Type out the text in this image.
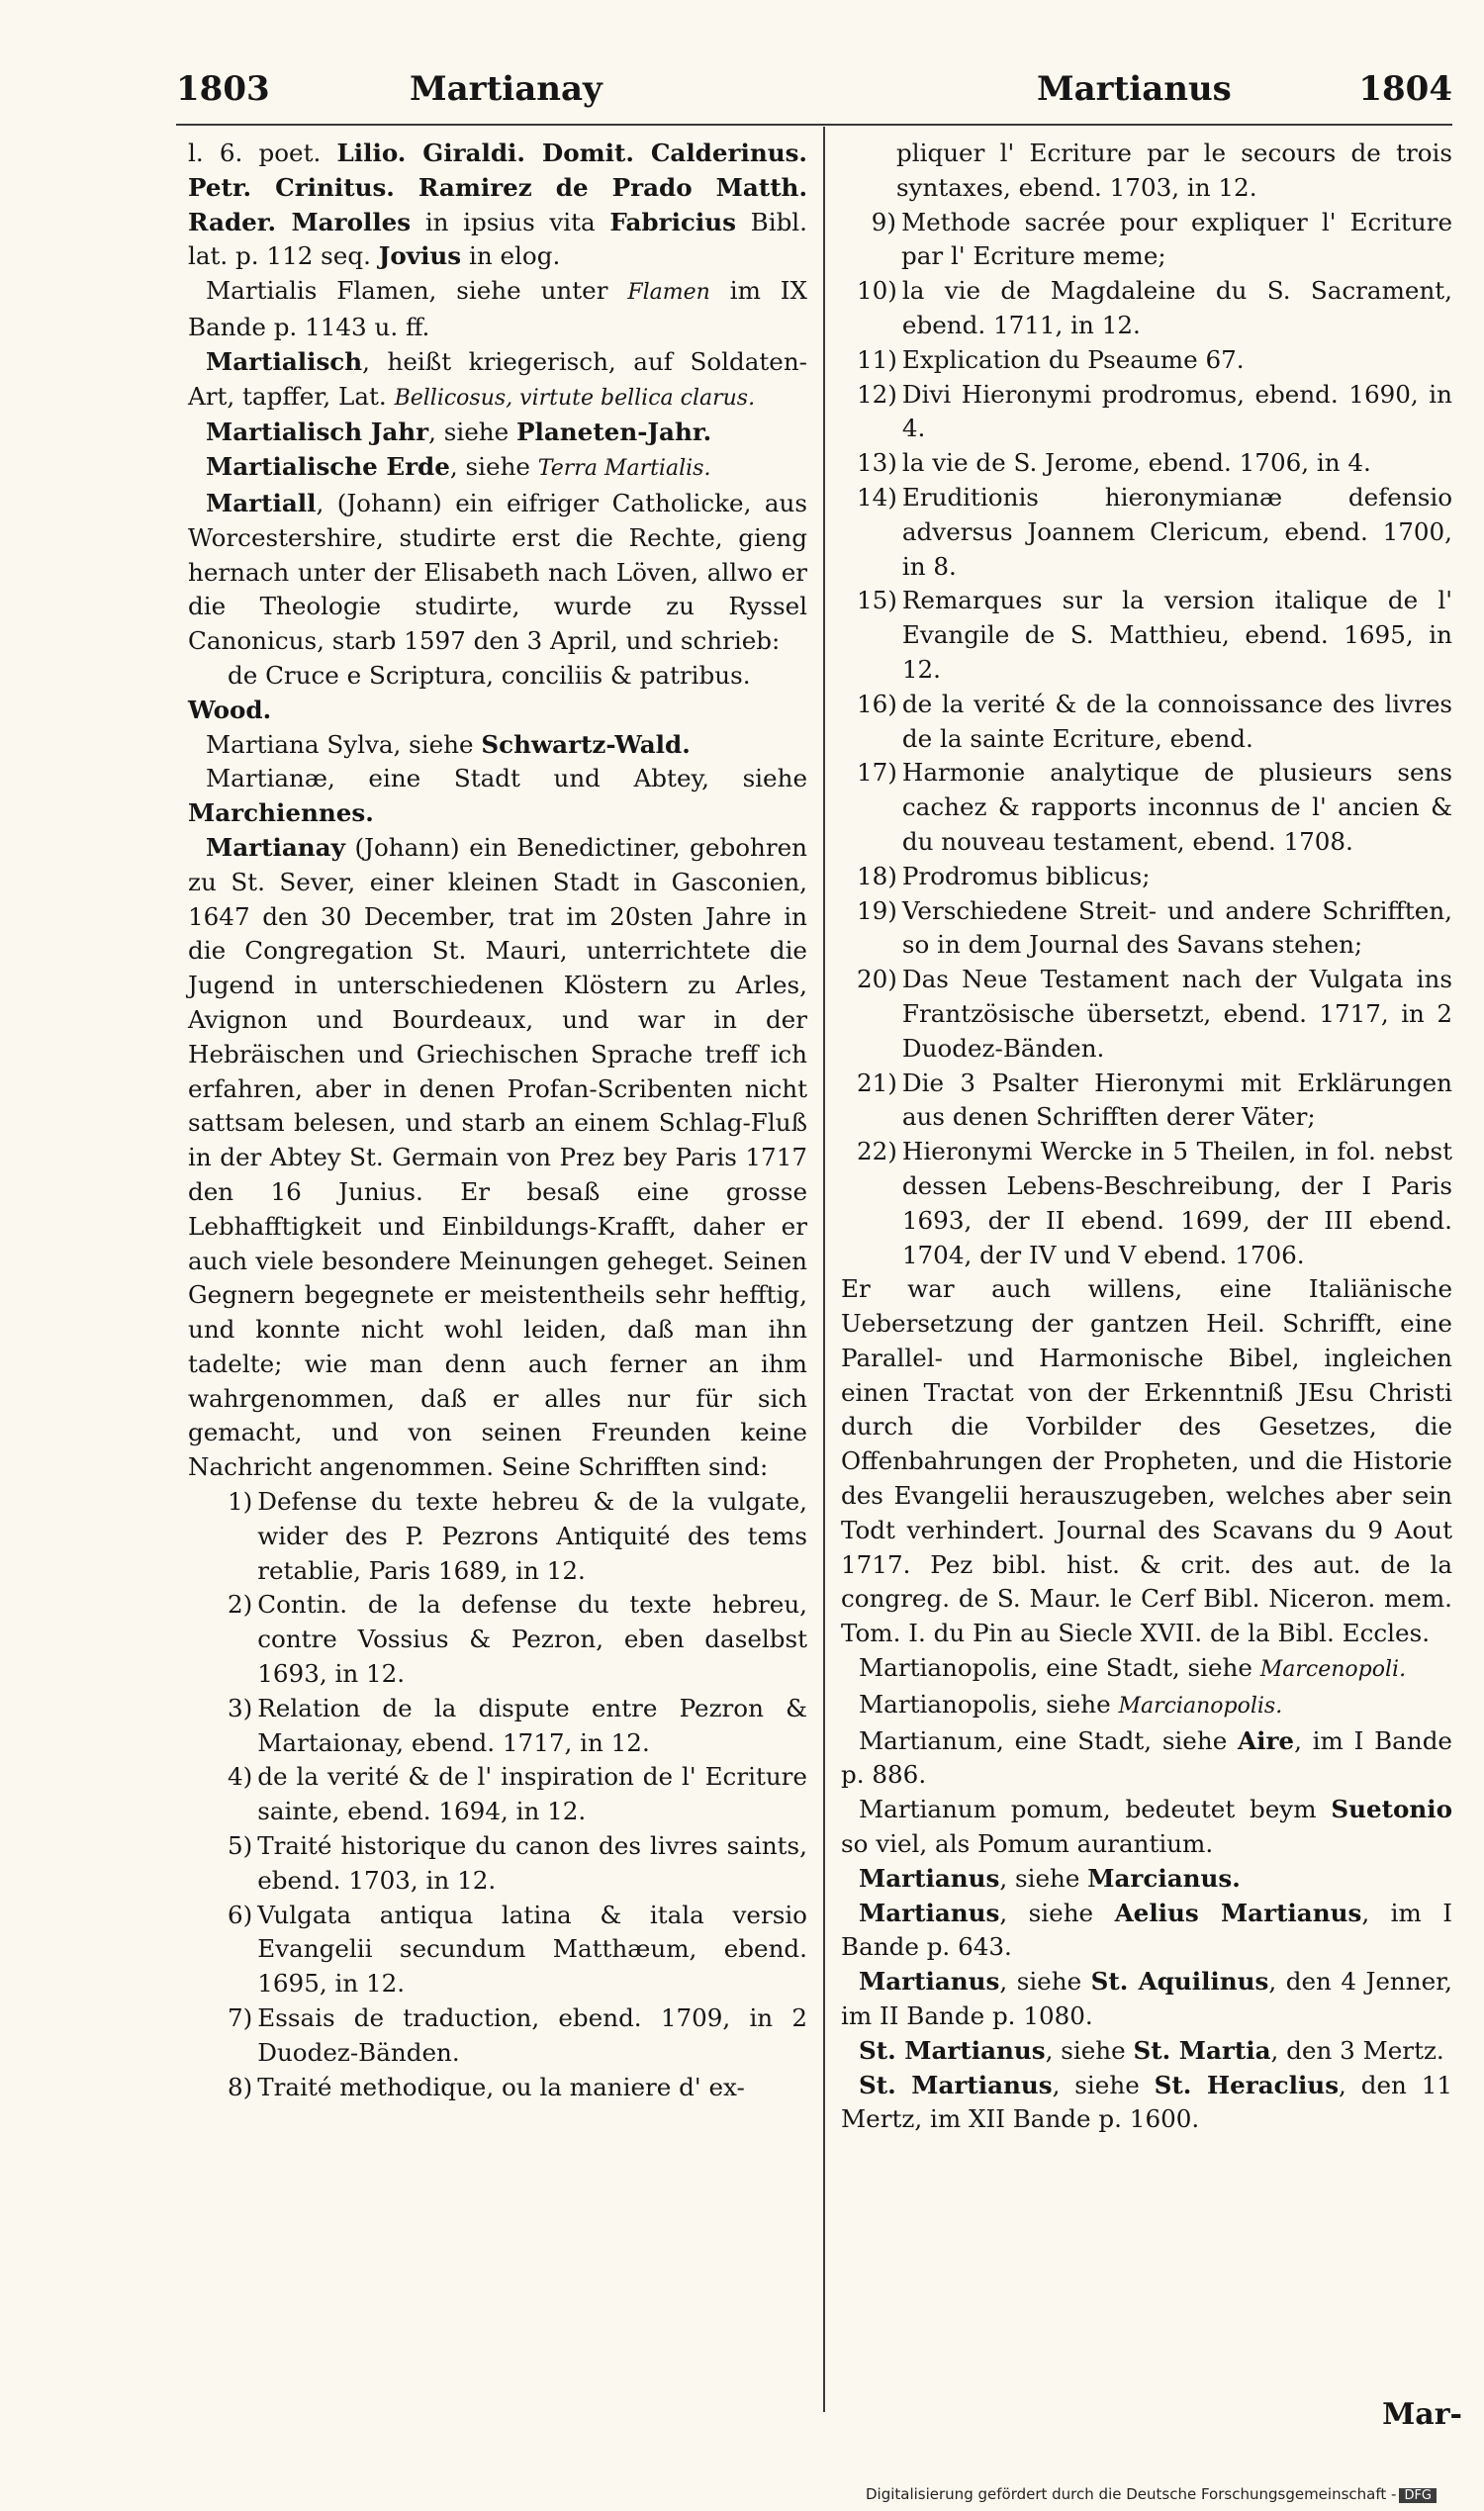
1803	Martianay	Martianus	1804

l. 6. poet. Lilio. Giraldi. Domit. Calderinus. Petr. Crinitus. Ramirez de Prado Matth. Rader. Marolles in ipsius vita Fabricius Bibl. lat. p. 112 seq. Jovius in elog.

Martialis Flamen, siehe unter Flamen im IX Bande p. 1143 u. ff.

Martialisch, heißt kriegerisch, auf Soldaten-Art, tapffer, Lat. Bellicosus, virtute bellica clarus.

Martialisch Jahr, siehe Planeten-Jahr.

Martialische Erde, siehe Terra Martialis.

Martiall, (Johann) ein eifriger Catholicke, aus Worcestershire, studirte erst die Rechte, gieng hernach unter der Elisabeth nach Löven, allwo er die Theologie studirte, wurde zu Ryssel Canonicus, starb 1597 den 3 April, und schrieb:

de Cruce e Scriptura, conciliis & patribus.

Wood.

Martiana Sylva, siehe Schwartz-Wald.

Martianæ, eine Stadt und Abtey, siehe Marchiennes.

Martianay (Johann) ein Benedictiner, gebohren zu St. Sever, einer kleinen Stadt in Gasconien, 1647 den 30 December, trat im 20sten Jahre in die Congregation St. Mauri, unterrichtete die Jugend in unterschiedenen Klöstern zu Arles, Avignon und Bourdeaux, und war in der Hebräischen und Griechischen Sprache treff ich erfahren, aber in denen Profan-Scribenten nicht sattsam belesen, und starb an einem Schlag-Fluß in der Abtey St. Germain von Prez bey Paris 1717 den 16 Junius. Er besaß eine grosse Lebhafftigkeit und Einbildungs-Krafft, daher er auch viele besondere Meinungen geheget. Seinen Gegnern begegnete er meistentheils sehr hefftig, und konnte nicht wohl leiden, daß man ihn tadelte; wie man denn auch ferner an ihm wahrgenommen, daß er alles nur für sich gemacht, und von seinen Freunden keine Nachricht angenommen. Seine Schrifften sind:

1) Defense du texte hebreu & de la vulgate, wider des P. Pezrons Antiquité des tems retablie, Paris 1689, in 12.
2) Contin. de la defense du texte hebreu, contre Vossius & Pezron, eben daselbst 1693, in 12.
3) Relation de la dispute entre Pezron & Martaionay, ebend. 1717, in 12.
4) de la verité & de l' inspiration de l' Ecriture sainte, ebend. 1694, in 12.
5) Traité historique du canon des livres saints, ebend. 1703, in 12.
6) Vulgata antiqua latina & itala versio Evangelii secundum Matthæum, ebend. 1695, in 12.
7) Essais de traduction, ebend. 1709, in 2 Duodez-Bänden.
8) Traité methodique, ou la maniere d' ex-

pliquer l' Ecriture par le secours de trois syntaxes, ebend. 1703, in 12.

9) Methode sacrée pour expliquer l' Ecriture par l' Ecriture meme;
10) la vie de Magdaleine du S. Sacrament, ebend. 1711, in 12.
11) Explication du Pseaume 67.
12) Divi Hieronymi prodromus, ebend. 1690, in 4.
13) la vie de S. Jerome, ebend. 1706, in 4.
14) Eruditionis hieronymianæ defensio adversus Joannem Clericum, ebend. 1700, in 8.
15) Remarques sur la version italique de l' Evangile de S. Matthieu, ebend. 1695, in 12.
16) de la verité & de la connoissance des livres de la sainte Ecriture, ebend.
17) Harmonie analytique de plusieurs sens cachez & rapports inconnus de l' ancien & du nouveau testament, ebend. 1708.
18) Prodromus biblicus;
19) Verschiedene Streit- und andere Schrifften, so in dem Journal des Savans stehen;
20) Das Neue Testament nach der Vulgata ins Frantzösische übersetzt, ebend. 1717, in 2 Duodez-Bänden.
21) Die 3 Psalter Hieronymi mit Erklärungen aus denen Schrifften derer Väter;
22) Hieronymi Wercke in 5 Theilen, in fol. nebst dessen Lebens-Beschreibung, der I Paris 1693, der II ebend. 1699, der III ebend. 1704, der IV und V ebend. 1706.

Er war auch willens, eine Italiänische Uebersetzung der gantzen Heil. Schrifft, eine Parallel- und Harmonische Bibel, ingleichen einen Tractat von der Erkenntniß JEsu Christi durch die Vorbilder des Gesetzes, die Offenbahrungen der Propheten, und die Historie des Evangelii herauszugeben, welches aber sein Todt verhindert. Journal des Scavans du 9 Aout 1717. Pez bibl. hist. & crit. des aut. de la congreg. de S. Maur. le Cerf Bibl. Niceron. mem. Tom. I. du Pin au Siecle XVII. de la Bibl. Eccles.

Martianopolis, eine Stadt, siehe Marcenopoli.

Martianopolis, siehe Marcianopolis.

Martianum, eine Stadt, siehe Aire, im I Bande p. 886.

Martianum pomum, bedeutet beym Suetonio so viel, als Pomum aurantium.

Martianus, siehe Marcianus.

Martianus, siehe Aelius Martianus, im I Bande p. 643.

Martianus, siehe St. Aquilinus, den 4 Jenner, im II Bande p. 1080.

St. Martianus, siehe St. Martia, den 3 Mertz.

St. Martianus, siehe St. Heraclius, den 11 Mertz, im XII Bande p. 1600.

Mar-
Digitalisierung gefördert durch die Deutsche Forschungsgemeinschaft - DFG
